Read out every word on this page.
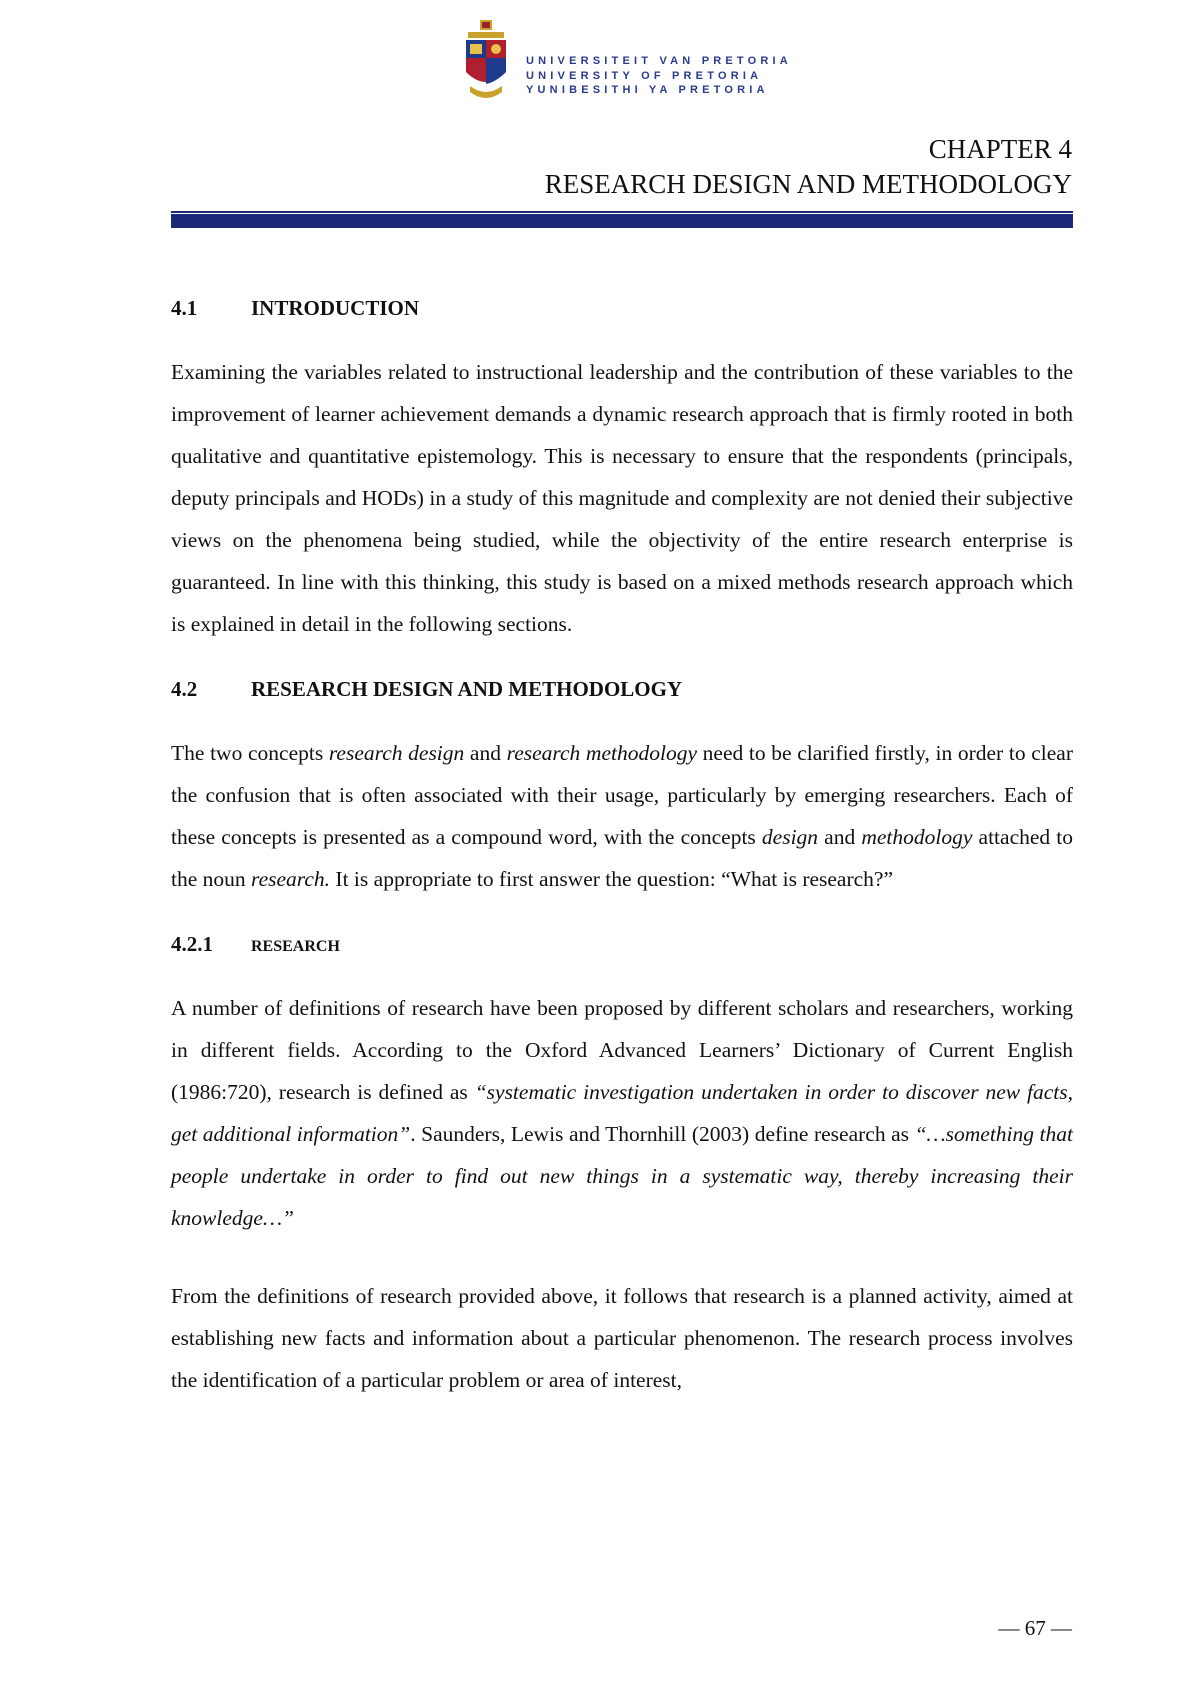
UNIVERSITEIT VAN PRETORIA
UNIVERSITY OF PRETORIA
YUNIBESITHI YA PRETORIA
CHAPTER 4
RESEARCH DESIGN AND METHODOLOGY
4.1	INTRODUCTION

Examining the variables related to instructional leadership and the contribution of these variables to the improvement of learner achievement demands a dynamic research approach that is firmly rooted in both qualitative and quantitative epistemology. This is necessary to ensure that the respondents (principals, deputy principals and HODs) in a study of this magnitude and complexity are not denied their subjective views on the phenomena being studied, while the objectivity of the entire research enterprise is guaranteed. In line with this thinking, this study is based on a mixed methods research approach which is explained in detail in the following sections.

4.2	RESEARCH DESIGN AND METHODOLOGY

The two concepts research design and research methodology need to be clarified firstly, in order to clear the confusion that is often associated with their usage, particularly by emerging researchers. Each of these concepts is presented as a compound word, with the concepts design and methodology attached to the noun research. It is appropriate to first answer the question: “What is research?”

4.2.1	RESEARCH

A number of definitions of research have been proposed by different scholars and researchers, working in different fields. According to the Oxford Advanced Learners’ Dictionary of Current English (1986:720), research is defined as “systematic investigation undertaken in order to discover new facts, get additional information”. Saunders, Lewis and Thornhill (2003) define research as “…something that people undertake in order to find out new things in a systematic way, thereby increasing their knowledge…”

From the definitions of research provided above, it follows that research is a planned activity, aimed at establishing new facts and information about a particular phenomenon. The research process involves the identification of a particular problem or area of interest,

— 67 —
